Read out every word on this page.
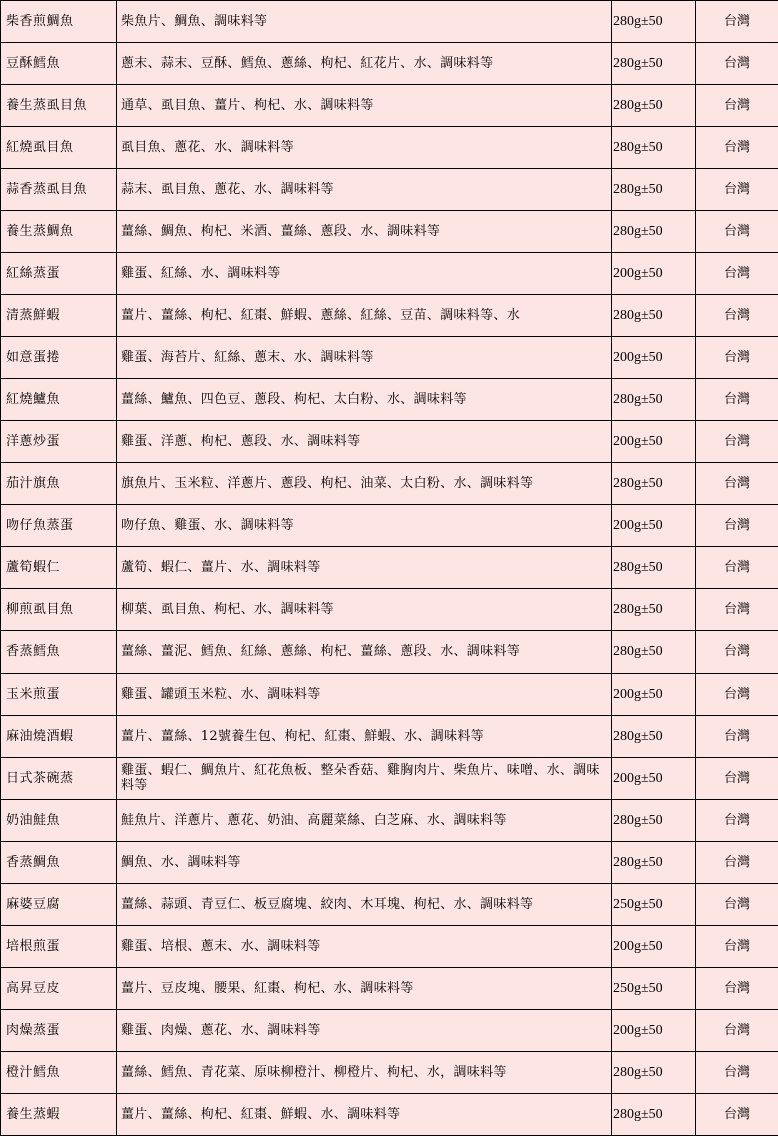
柴香煎鯛魚	柴魚片、鯛魚、調味料等	280g±50	台灣
豆酥鱈魚	蔥末、蒜末、豆酥、鱈魚、蔥絲、枸杞、紅花片、水、調味料等	280g±50	台灣
養生蒸虱目魚	通草、虱目魚、薑片、枸杞、水、調味料等	280g±50	台灣
紅燒虱目魚	虱目魚、蔥花、水、調味料等	280g±50	台灣
蒜香蒸虱目魚	蒜末、虱目魚、蔥花、水、調味料等	280g±50	台灣
養生蒸鯛魚	薑絲、鯛魚、枸杞、米酒、薑絲、蔥段、水、調味料等	280g±50	台灣
紅絲蒸蛋	雞蛋、紅絲、水、調味料等	200g±50	台灣
清蒸鮮蝦	薑片、薑絲、枸杞、紅棗、鮮蝦、蔥絲、紅絲、豆苗、調味料等、水	280g±50	台灣
如意蛋捲	雞蛋、海苔片、紅絲、蔥末、水、調味料等	200g±50	台灣
紅燒鱸魚	薑絲、鱸魚、四色豆、蔥段、枸杞、太白粉、水、調味料等	280g±50	台灣
洋蔥炒蛋	雞蛋、洋蔥、枸杞、蔥段、水、調味料等	200g±50	台灣
茄汁旗魚	旗魚片、玉米粒、洋蔥片、蔥段、枸杞、油菜、太白粉、水、調味料等	280g±50	台灣
吻仔魚蒸蛋	吻仔魚、雞蛋、水、調味料等	200g±50	台灣
蘆筍蝦仁	蘆筍、蝦仁、薑片、水、調味料等	280g±50	台灣
柳煎虱目魚	柳葉、虱目魚、枸杞、水、調味料等	280g±50	台灣
香蒸鱈魚	薑絲、薑泥、鱈魚、紅絲、蔥絲、枸杞、薑絲、蔥段、水、調味料等	280g±50	台灣
玉米煎蛋	雞蛋、罐頭玉米粒、水、調味料等	200g±50	台灣
麻油燒酒蝦	薑片、薑絲、12號養生包、枸杞、紅棗、鮮蝦、水、調味料等	280g±50	台灣
日式茶碗蒸	雞蛋、蝦仁、鯛魚片、紅花魚板、整朵香菇、雞胸肉片、柴魚片、味噌、水、調味料等	200g±50	台灣
奶油鮭魚	鮭魚片、洋蔥片、蔥花、奶油、高麗菜絲、白芝麻、水、調味料等	280g±50	台灣
香蒸鯛魚	鯛魚、水、調味料等	280g±50	台灣
麻婆豆腐	薑絲、蒜頭、青豆仁、板豆腐塊、絞肉、木耳塊、枸杞、水、調味料等	250g±50	台灣
培根煎蛋	雞蛋、培根、蔥末、水、調味料等	200g±50	台灣
高昇豆皮	薑片、豆皮塊、腰果、紅棗、枸杞、水、調味料等	250g±50	台灣
肉燥蒸蛋	雞蛋、肉燥、蔥花、水、調味料等	200g±50	台灣
橙汁鱈魚	薑絲、鱈魚、青花菜、原味柳橙汁、柳橙片、枸杞、水，調味料等	280g±50	台灣
養生蒸蝦	薑片、薑絲、枸杞、紅棗、鮮蝦、水、調味料等	280g±50	台灣
